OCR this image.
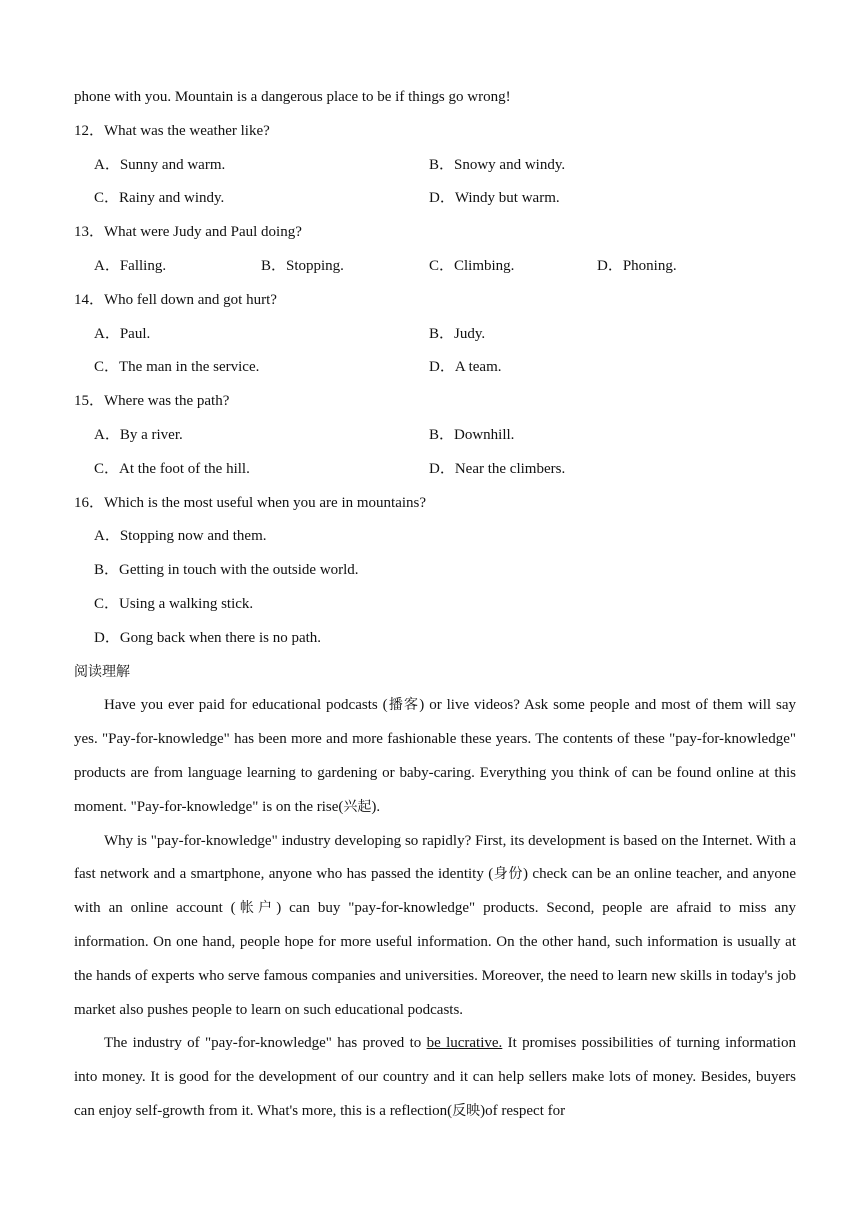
phone with you. Mountain is a dangerous place to be if things go wrong!
12．What was the weather like?
A．Sunny and warm.	B．Snowy and windy.
C．Rainy and windy.	D．Windy but warm.
13．What were Judy and Paul doing?
A．Falling.	B．Stopping.	C．Climbing.	D．Phoning.
14．Who fell down and got hurt?
A．Paul.	B．Judy.
C．The man in the service.	D．A team.
15．Where was the path?
A．By a river.	B．Downhill.
C．At the foot of the hill.	D．Near the climbers.
16．Which is the most useful when you are in mountains?
A．Stopping now and them.
B．Getting in touch with the outside world.
C．Using a walking stick.
D．Gong back when there is no path.
阅读理解

Have you ever paid for educational podcasts (播客) or live videos? Ask some people and most of them will say yes. "Pay-for-knowledge" has been more and more fashionable these years. The contents of these "pay-for-knowledge" products are from language learning to gardening or baby-caring. Everything you think of can be found online at this moment. "Pay-for-knowledge" is on the rise(兴起).

Why is "pay-for-knowledge" industry developing so rapidly? First, its development is based on the Internet. With a fast network and a smartphone, anyone who has passed the identity (身份) check can be an online teacher, and anyone with an online account (帐户) can buy "pay-for-knowledge" products. Second, people are afraid to miss any information. On one hand, people hope for more useful information. On the other hand, such information is usually at the hands of experts who serve famous companies and universities. Moreover, the need to learn new skills in today's job market also pushes people to learn on such educational podcasts.

The industry of "pay-for-knowledge" has proved to be lucrative. It promises possibilities of turning information into money. It is good for the development of our country and it can help sellers make lots of money. Besides, buyers can enjoy self-growth from it. What's more, this is a reflection(反映)of respect for
